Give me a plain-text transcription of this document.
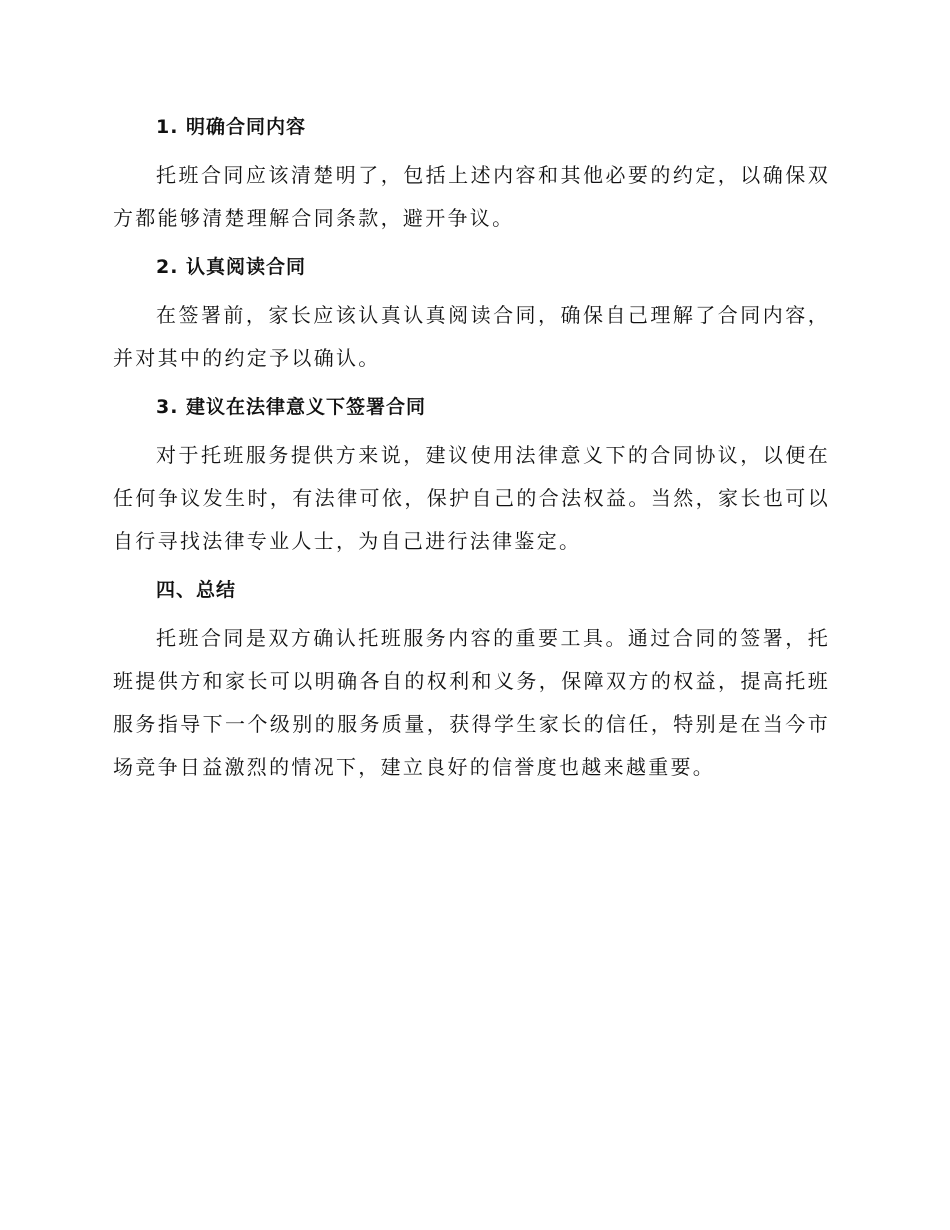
1. 明确合同内容

托班合同应该清楚明了，包括上述内容和其他必要的约定，以确保双方都能够清楚理解合同条款，避开争议。

2. 认真阅读合同

在签署前，家长应该认真认真阅读合同，确保自己理解了合同内容，并对其中的约定予以确认。

3. 建议在法律意义下签署合同

对于托班服务提供方来说，建议使用法律意义下的合同协议，以便在任何争议发生时，有法律可依，保护自己的合法权益。当然，家长也可以自行寻找法律专业人士，为自己进行法律鉴定。

四、总结

托班合同是双方确认托班服务内容的重要工具。通过合同的签署，托班提供方和家长可以明确各自的权利和义务，保障双方的权益，提高托班服务指导下一个级别的服务质量，获得学生家长的信任，特别是在当今市场竞争日益激烈的情况下，建立良好的信誉度也越来越重要。
